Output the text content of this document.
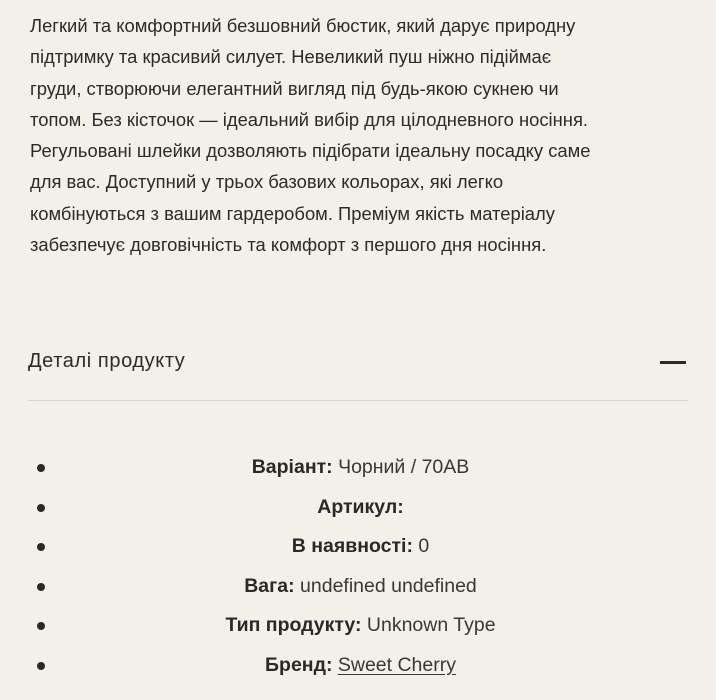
Легкий та комфортний безшовний бюстик, який дарує природну
підтримку та красивий силует. Невеликий пуш ніжно підіймає
груди, створюючи елегантний вигляд під будь-якою сукнею чи
топом. Без кісточок — ідеальний вибір для цілодневного носіння.
Регульовані шлейки дозволяють підібрати ідеальну посадку саме
для вас. Доступний у трьох базових кольорах, які легко
комбінуються з вашим гардеробом. Преміум якість матеріалу
забезпечує довговічність та комфорт з першого дня носіння.

Деталі продукту
Варіант: Чорний / 70AB
Артикул:
В наявності: 0
Вага: undefined undefined
Тип продукту: Unknown Type
Бренд: Sweet Cherry
